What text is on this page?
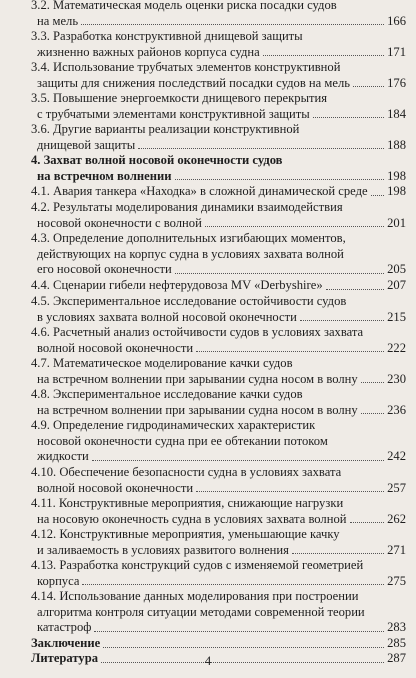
3.2. Математическая модель оценки риска посадки судов
на мель	166
3.3. Разработка конструктивной днищевой защиты
жизненно важных районов корпуса судна	171
3.4. Использование трубчатых элементов конструктивной
защиты для снижения последствий посадки судов на мель	176
3.5. Повышение энергоемкости днищевого перекрытия
с трубчатыми элементами конструктивной защиты	184
3.6. Другие варианты реализации конструктивной
днищевой защиты	188
4. Захват волной носовой оконечности судов
на встречном волнении	198
4.1. Авария танкера «Находка» в сложной динамической среде 198
4.2. Результаты моделирования динамики взаимодействия
носовой оконечности с волной	201
4.3. Определение дополнительных изгибающих моментов,
действующих на корпус судна в условиях захвата волной
его носовой оконечности	205
4.4. Сценарии гибели нефтерудовоза MV «Derbyshire»	207
4.5. Экспериментальное исследование остойчивости судов
в условиях захвата волной носовой оконечности	215
4.6. Расчетный анализ остойчивости судов в условиях захвата
волной носовой оконечности	222
4.7. Математическое моделирование качки судов
на встречном волнении при зарывании судна носом в волну 230
4.8. Экспериментальное исследование качки судов
на встречном волнении при зарывании судна носом в волну 236
4.9. Определение гидродинамических характеристик
носовой оконечности судна при ее обтекании потоком
жидкости	242
4.10. Обеспечение безопасности судна в условиях захвата
волной носовой оконечности	257
4.11. Конструктивные мероприятия, снижающие нагрузки
на носовую оконечность судна в условиях захвата волной	262
4.12. Конструктивные мероприятия, уменьшающие качку
и заливаемость в условиях развитого волнения	271
4.13. Разработка конструкций судов с изменяемой геометрией
корпуса	275
4.14. Использование данных моделирования при построении
алгоритма контроля ситуации методами современной теории
катастроф	283
Заключение	285
Литература	287
4
